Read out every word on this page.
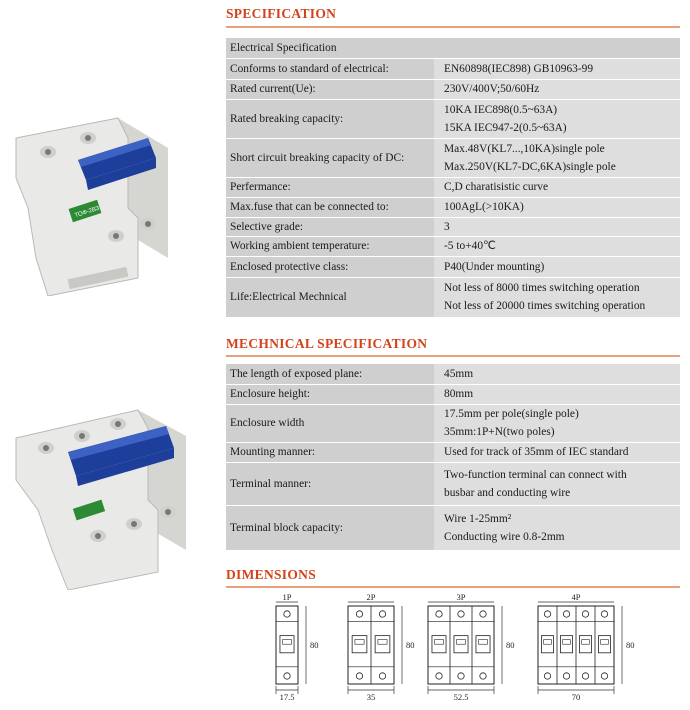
SPECIFICATION
Electrical Specification	
Conforms to standard of electrical:	EN60898(IEC898) GB10963-99

Rated current(Ue):	230V/400V;50/60Hz

Rated breaking capacity:	10KA IEC898(0.5~63A)
15KA IEC947-2(0.5~63A)

Short circuit breaking capacity of DC:	Max.48V(KL7...,10KA)single pole
Max.250V(KL7-DC,6KA)single pole

Perfermance:	C,D charatisistic curve

Max.fuse that can be connected to:	100AgL(>10KA)

Selective grade:	3

Working ambient temperature:	-5 to+40℃

Enclosed protective class:	P40(Under mounting)

Life:Electrical Mechnical	Not less of 8000 times switching operation
Not less of 20000 times switching operation
MECHNICAL SPECIFICATION
The length of exposed plane:	45mm

Enclosure height:	80mm

Enclosure width	17.5mm per pole(single pole)
35mm:1P+N(two poles)

Mounting manner:	Used for track of 35mm of IEC standard

Terminal manner:	Two-function terminal can connect with
busbar and conducting wire

Terminal block capacity:	Wire 1-25mm²
Conducting wire 0.8-2mm
DIMENSIONS
ТОФ-2ВЗ
1P
80
17.5
2P
80
35
3P
80
52.5
4P
80
70
